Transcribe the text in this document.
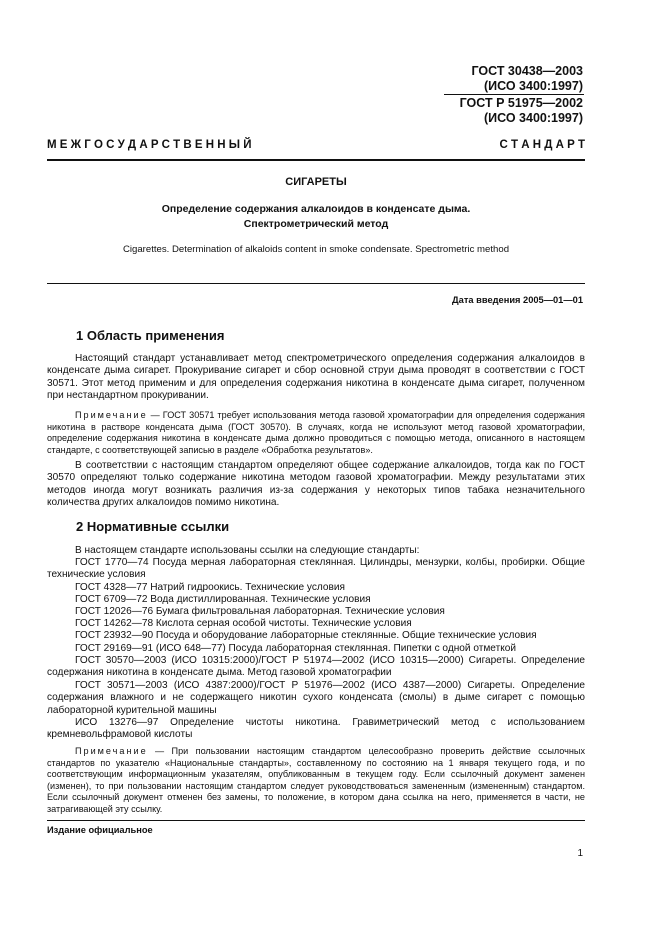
ГОСТ 30438—2003
(ИСО 3400:1997)
ГОСТ Р 51975—2002
(ИСО 3400:1997)
М Е Ж Г О С У Д А Р С Т В Е Н Н Ы Й	С Т А Н Д А Р Т
СИГАРЕТЫ
Определение содержания алкалоидов в конденсате дыма.
Спектрометрический метод
Cigarettes. Determination of alkaloids content in smoke condensate. Spectrometric method
Дата введения 2005—01—01
1 Область применения
Настоящий стандарт устанавливает метод спектрометрического определения содержания алкалоидов в конденсате дыма сигарет. Прокуривание сигарет и сбор основной струи дыма проводят в соответствии с ГОСТ 30571. Этот метод применим и для определения содержания никотина в конденсате дыма сигарет, полученном при нестандартном прокуривании.
Примечание — ГОСТ 30571 требует использования метода газовой хроматографии для определения содержания никотина в растворе конденсата дыма (ГОСТ 30570). В случаях, когда не используют метод газовой хроматографии, определение содержания никотина в конденсате дыма должно проводиться с помощью метода, описанного в настоящем стандарте, с соответствующей записью в разделе «Обработка результатов».
В соответствии с настоящим стандартом определяют общее содержание алкалоидов, тогда как по ГОСТ 30570 определяют только содержание никотина методом газовой хроматографии. Между результатами этих методов иногда могут возникать различия из-за содержания у некоторых типов табака незначительного количества других алкалоидов помимо никотина.
2 Нормативные ссылки
В настоящем стандарте использованы ссылки на следующие стандарты:
ГОСТ 1770—74 Посуда мерная лабораторная стеклянная. Цилиндры, мензурки, колбы, пробирки. Общие технические условия
ГОСТ 4328—77 Натрий гидроокись. Технические условия
ГОСТ 6709—72 Вода дистиллированная. Технические условия
ГОСТ 12026—76 Бумага фильтровальная лабораторная. Технические условия
ГОСТ 14262—78 Кислота серная особой чистоты. Технические условия
ГОСТ 23932—90 Посуда и оборудование лабораторные стеклянные. Общие технические условия
ГОСТ 29169—91 (ИСО 648—77) Посуда лабораторная стеклянная. Пипетки с одной отметкой
ГОСТ 30570—2003 (ИСО 10315:2000)/ГОСТ Р 51974—2002 (ИСО 10315—2000) Сигареты. Определение содержания никотина в конденсате дыма. Метод газовой хроматографии
ГОСТ 30571—2003 (ИСО 4387:2000)/ГОСТ Р 51976—2002 (ИСО 4387—2000) Сигареты. Определение содержания влажного и не содержащего никотин сухого конденсата (смолы) в дыме сигарет с помощью лабораторной курительной машины
ИСО 13276—97 Определение чистоты никотина. Гравиметрический метод с использованием кремневольфрамовой кислоты
Примечание — При пользовании настоящим стандартом целесообразно проверить действие ссылочных стандартов по указателю «Национальные стандарты», составленному по состоянию на 1 января текущего года, и по соответствующим информационным указателям, опубликованным в текущем году. Если ссылочный документ заменен (изменен), то при пользовании настоящим стандартом следует руководствоваться замененным (измененным) стандартом. Если ссылочный документ отменен без замены, то положение, в котором дана ссылка на него, применяется в части, не затрагивающей эту ссылку.
Издание официальное
1
